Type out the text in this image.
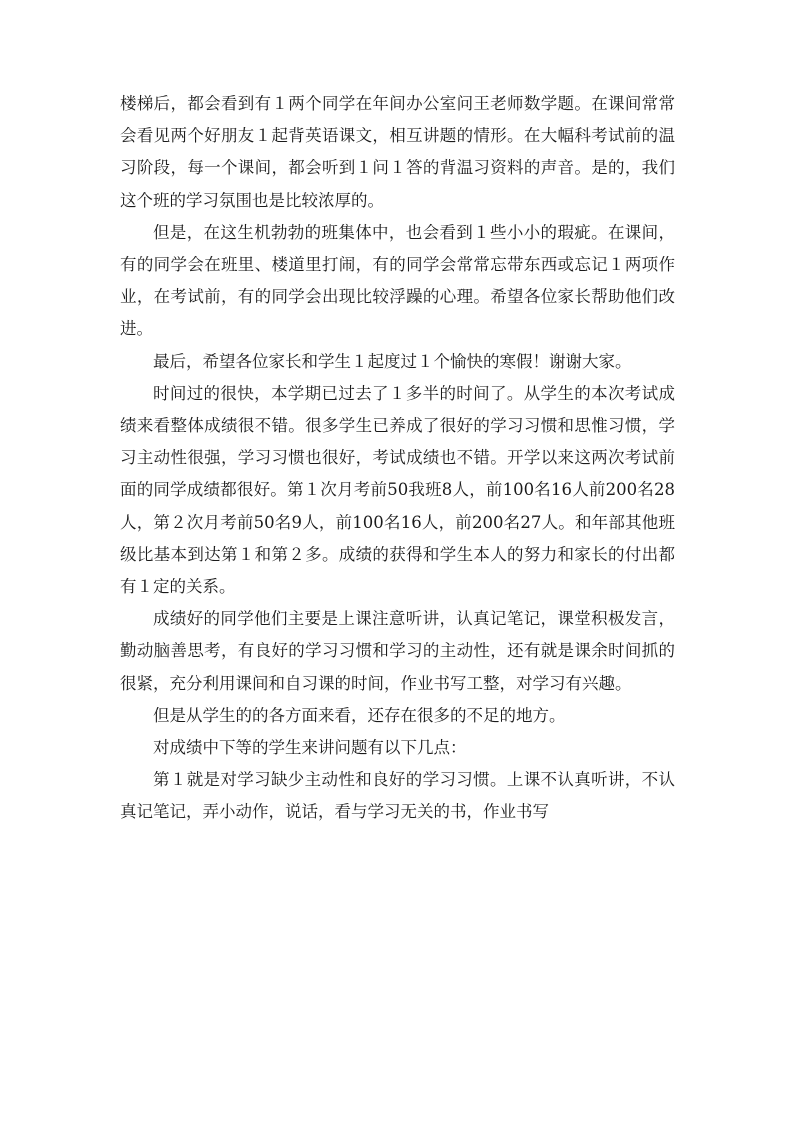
楼梯后，都会看到有１两个同学在年间办公室问王老师数学题。在课间常常会看见两个好朋友１起背英语课文，相互讲题的情形。在大幅科考试前的温习阶段，每一个课间，都会听到１问１答的背温习资料的声音。是的，我们这个班的学习氛围也是比较浓厚的。

但是，在这生机勃勃的班集体中，也会看到１些小小的瑕疵。在课间，有的同学会在班里、楼道里打闹，有的同学会常常忘带东西或忘记１两项作业，在考试前，有的同学会出现比较浮躁的心理。希望各位家长帮助他们改进。

最后，希望各位家长和学生１起度过１个愉快的寒假！谢谢大家。

时间过的很快，本学期已过去了１多半的时间了。从学生的本次考试成绩来看整体成绩很不错。很多学生已养成了很好的学习习惯和思惟习惯，学习主动性很强，学习习惯也很好，考试成绩也不错。开学以来这两次考试前面的同学成绩都很好。第１次月考前50我班8人，前100名16人前200名28人，第２次月考前50名9人，前100名16人，前200名27人。和年部其他班级比基本到达第１和第２多。成绩的获得和学生本人的努力和家长的付出都有１定的关系。

成绩好的同学他们主要是上课注意听讲，认真记笔记，课堂积极发言，勤动脑善思考，有良好的学习习惯和学习的主动性，还有就是课余时间抓的很紧，充分利用课间和自习课的时间，作业书写工整，对学习有兴趣。

但是从学生的的各方面来看，还存在很多的不足的地方。

对成绩中下等的学生来讲问题有以下几点：

第１就是对学习缺少主动性和良好的学习习惯。上课不认真听讲，不认真记笔记，弄小动作，说话，看与学习无关的书，作业书写
